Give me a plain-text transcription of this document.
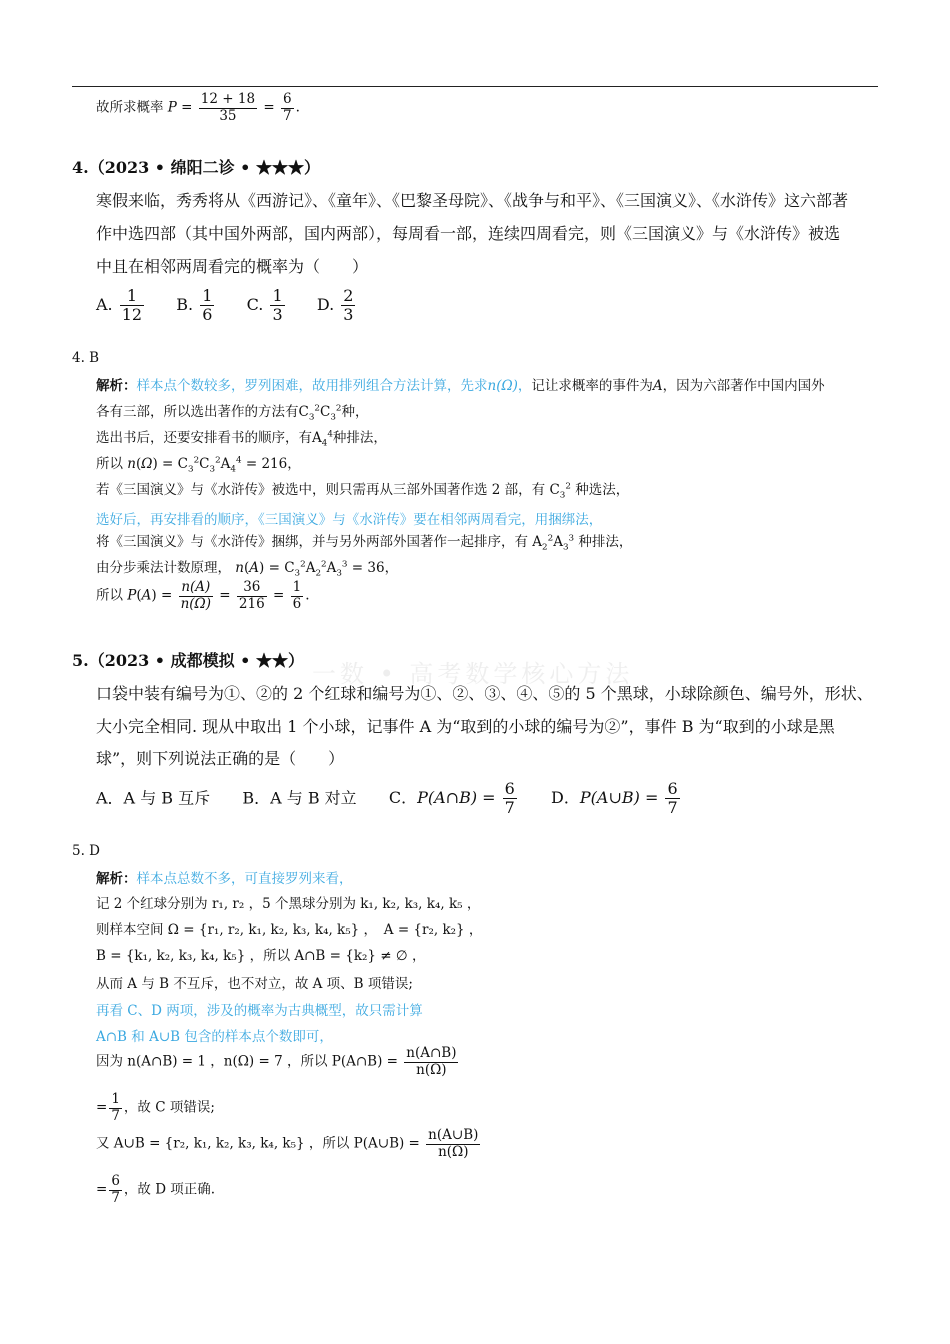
一数 • 高考数学核心方法
故所求概率 $P = \frac{12 + 18}{35} = \frac{6}{7}$ .
4.（2023 • 绵阳二诊 • ★★★）
寒假来临，秀秀将从《西游记》、《童年》、《巴黎圣母院》、《战争与和平》、《三国演义》、《水浒传》这六部著
作中选四部（其中国外两部，国内两部），每周看一部，连续四周看完，则《三国演义》与《水浒传》被选
中且在相邻两周看完的概率为（　　）
A. $\frac{1}{12} B$. $\frac{1}{6} C$. $\frac{1}{3} D$. $\frac{2}{3}$
4. B
解析：样本点个数较多，罗列困难，故用排列组合方法计算，先求n(Ω)，记让求概率的事件为A，因为六部著作中国内国外
各有三部，所以选出著作的方法有$C_3^2C_3^2$种，
选出书后，还要安排看书的顺序，有$A_4^4$种排法，
所以 $n(\Omega) = C_3^2C_3^2A_4^4 = 216$，
若《三国演义》与《水浒传》被选中，则只需再从三部外国著作选 2 部，有 $C_3^2$ 种选法，
选好后，再安排看的顺序，《三国演义》与《水浒传》要在相邻两周看完，用捆绑法，
将《三国演义》与《水浒传》捆绑，并与另外两部外国著作一起排序，有 $A_2^2A_3^3$ 种排法，
由分步乘法计数原理， $n(A) = C_3^2A_2^2A_3^3 = 36$，
所以 $P(A) = \frac{n(A)}{n(\Omega)} = \frac{36}{216} = \frac{1}{6}$ .
5.（2023 • 成都模拟 • ★★）
口袋中装有编号为①、②的 2 个红球和编号为①、②、③、④、⑤的 5 个黑球，小球除颜色、编号外，形状、
大小完全相同. 现从中取出 1 个小球，记事件 A 为“取到的小球的编号为②”，事件 B 为“取到的小球是黑
球”，则下列说法正确的是（　　）
A．A 与 B 互斥 B．A 与 B 对立 C．P(A∩B) = $\frac{6}{7}$ D．P(A∪B) = $\frac{6}{7}$
5. D
解析：样本点总数不多，可直接罗列来看，
记 2 个红球分别为 r₁, r₂ ，5 个黑球分别为 k₁, k₂, k₃, k₄, k₅ ，
则样本空间 Ω = {r₁, r₂, k₁, k₂, k₃, k₄, k₅} ，　A = {r₂, k₂} ，
B = {k₁, k₂, k₃, k₄, k₅} ，所以 A∩B = {k₂} ≠ ∅ ，
从而 A 与 B 不互斥，也不对立，故 A 项、B 项错误;
再看 C、D 两项，涉及的概率为古典概型，故只需计算
A∩B 和 A∪B 包含的样本点个数即可，
因为 n(A∩B) = 1 ，n(Ω) = 7 ，所以 P(A∩B) = $\frac{n(A\cap B)}{n(\Omega)}$
= $\frac{1}{7}$ ，故 C 项错误;
又 A∪B = {r₂, k₁, k₂, k₃, k₄, k₅} ，所以 P(A∪B) = $\frac{n(A\cup B)}{n(\Omega)}$
= $\frac{6}{7}$ ，故 D 项正确.
